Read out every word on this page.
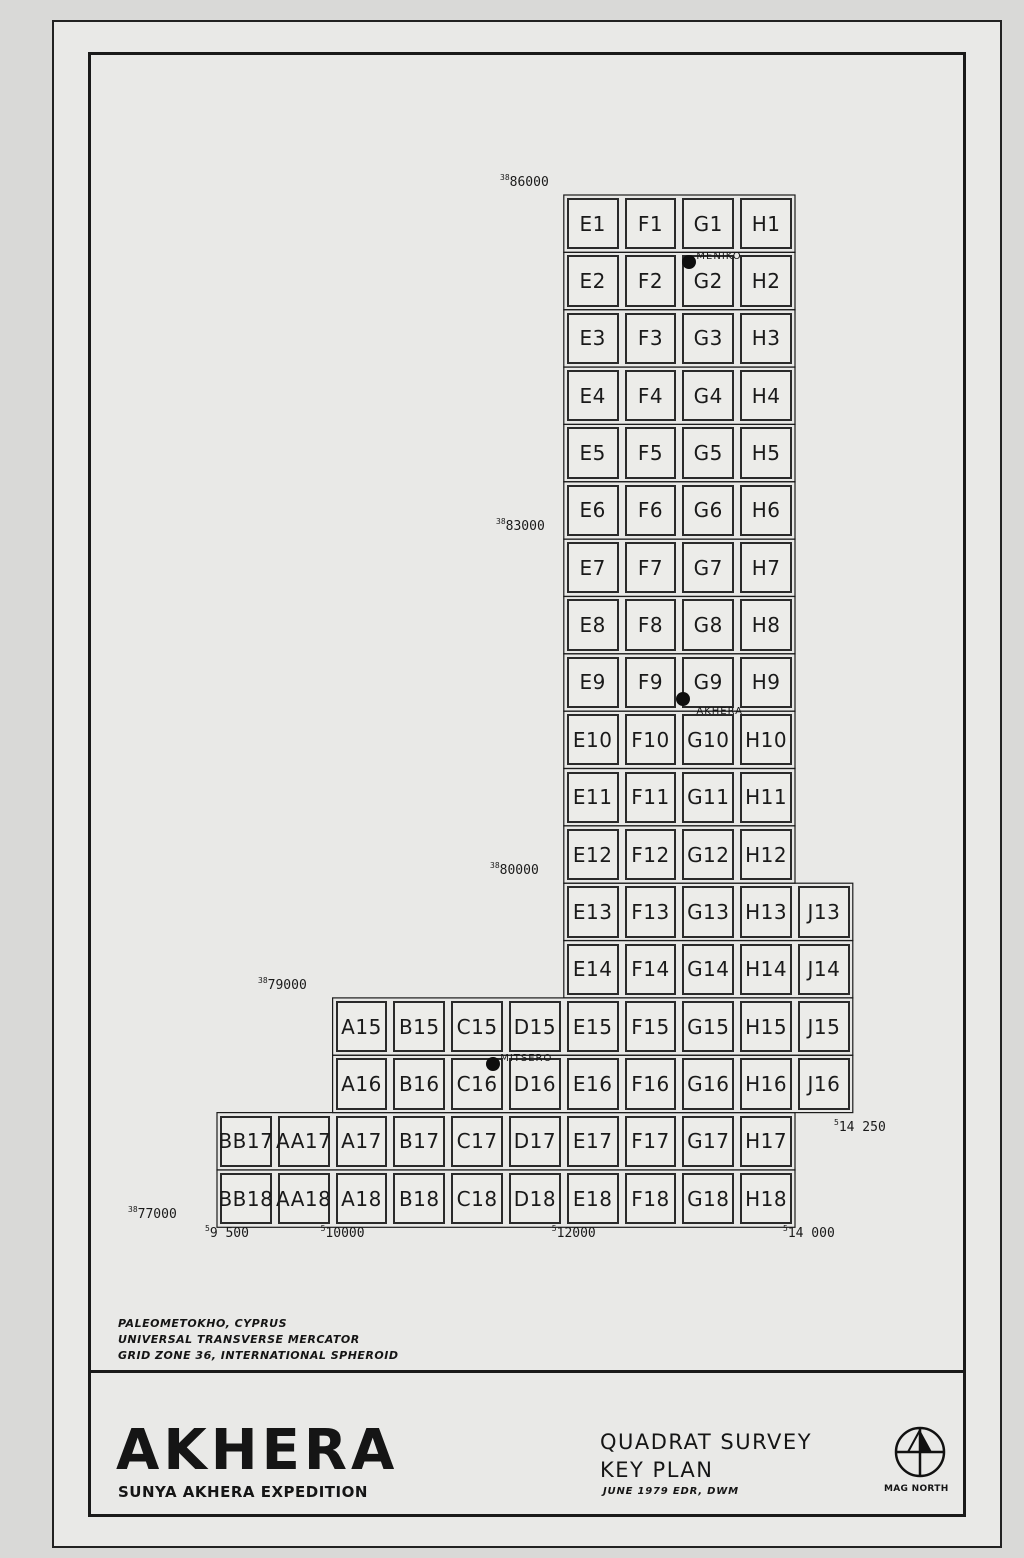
E1	F1	G1	H1
E2	F2	G2	H2
E3	F3	G3	H3
E4	F4	G4	H4
E5	F5	G5	H5
E6	F6	G6	H6
E7	F7	G7	H7
E8	F8	G8	H8
E9	F9	G9	H9
E10 F10 G10 H10
E11 F11 G11 H11
E12 F12 G12 H12
E13 F13 G13 H13	J13
E14 F14 G14 H14	J14
A15 B15 C15 D15 E15 F15 G15 H15	J15
A16 B16 C16 D16 E16 F16 G16 H16	J16
BB17 AA17 A17 B17 C17 D17 E17 F17 G17 H17
BB18 AA18 A18 B18 C18 D18 E18 F18 G18 H18
$^{38}$86000
$^{38}$83000
$^{38}$80000
$^{38}$79000
$^{38}$77000
$^5$9 500	$^5$10000	$^5$12000	$^5$14 000
$^5$14 250
MENIKO
AKHERA
MITSERO
PALEOMETOKHO, CYPRUS
UNIVERSAL TRANSVERSE MERCATOR
GRID ZONE 36, INTERNATIONAL SPHEROID
AKHERA
SUNYA AKHERA EXPEDITION
QUADRAT SURVEY
KEY PLAN
JUNE 1979 EDR, DWM	MAG NORTH
